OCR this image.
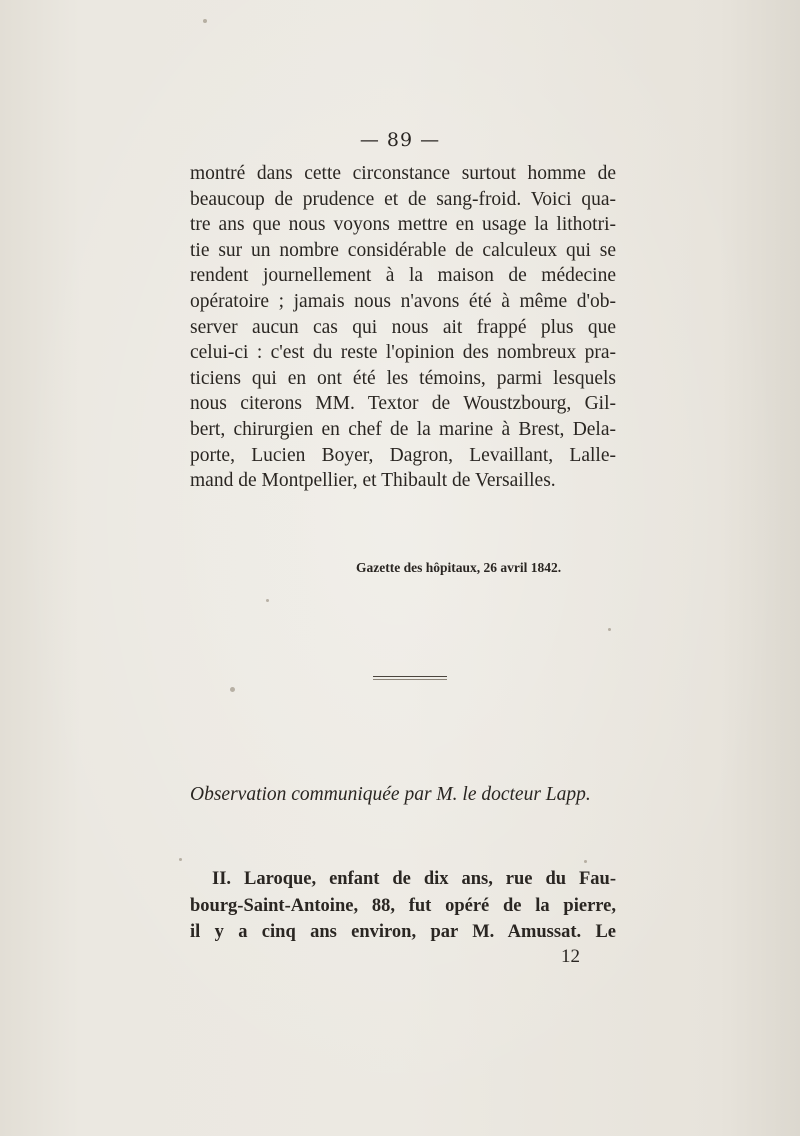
— 89 —
montré dans cette circonstance surtout homme de
beaucoup de prudence et de sang-froid. Voici qua-
tre ans que nous voyons mettre en usage la lithotri-
tie sur un nombre considérable de calculeux qui se
rendent journellement à la maison de médecine
opératoire ; jamais nous n'avons été à même d'ob-
server aucun cas qui nous ait frappé plus que
celui-ci : c'est du reste l'opinion des nombreux pra-
ticiens qui en ont été les témoins, parmi lesquels
nous citerons MM. Textor de Woustzbourg, Gil-
bert, chirurgien en chef de la marine à Brest, Dela-
porte, Lucien Boyer, Dagron, Levaillant, Lalle-
mand de Montpellier, et Thibault de Versailles.
Gazette des hôpitaux, 26 avril 1842.
Observation communiquée par M. le docteur Lapp.
II. Laroque, enfant de dix ans, rue du Fau-
bourg-Saint-Antoine, 88, fut opéré de la pierre,
il y a cinq ans environ, par M. Amussat. Le
12
